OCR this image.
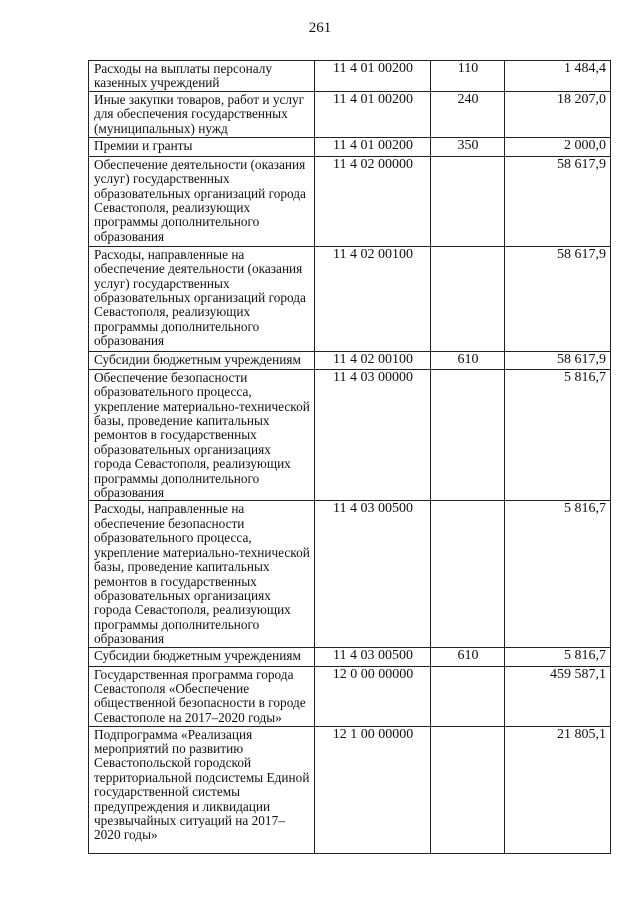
261
Расходы на выплаты персоналу казенных учреждений	11 4 01 00200	110	1 484,4
Иные закупки товаров, работ и услуг для обеспечения государственных (муниципальных) нужд	11 4 01 00200	240	18 207,0
Премии и гранты	11 4 01 00200	350	2 000,0
Обеспечение деятельности (оказания услуг) государственных образовательных организаций города Севастополя, реализующих программы дополнительного образования	11 4 02 00000		58 617,9
Расходы, направленные на обеспечение деятельности (оказания услуг) государственных образовательных организаций города Севастополя, реализующих программы дополнительного образования	11 4 02 00100		58 617,9
Субсидии бюджетным учреждениям	11 4 02 00100	610	58 617,9
Обеспечение безопасности образовательного процесса, укрепление материально-технической базы, проведение капитальных ремонтов в государственных образовательных организациях города Севастополя, реализующих программы дополнительного образования	11 4 03 00000		5 816,7
Расходы, направленные на обеспечение безопасности образовательного процесса, укрепление материально-технической базы, проведение капитальных ремонтов в государственных образовательных организациях города Севастополя, реализующих программы дополнительного образования	11 4 03 00500		5 816,7
Субсидии бюджетным учреждениям	11 4 03 00500	610	5 816,7
Государственная программа города Севастополя «Обеспечение общественной безопасности в городе Севастополе на 2017–2020 годы»	12 0 00 00000		459 587,1
Подпрограмма «Реализация мероприятий по развитию Севастопольской городской территориальной подсистемы Единой государственной системы предупреждения и ликвидации чрезвычайных ситуаций на 2017–2020 годы»	12 1 00 00000		21 805,1
